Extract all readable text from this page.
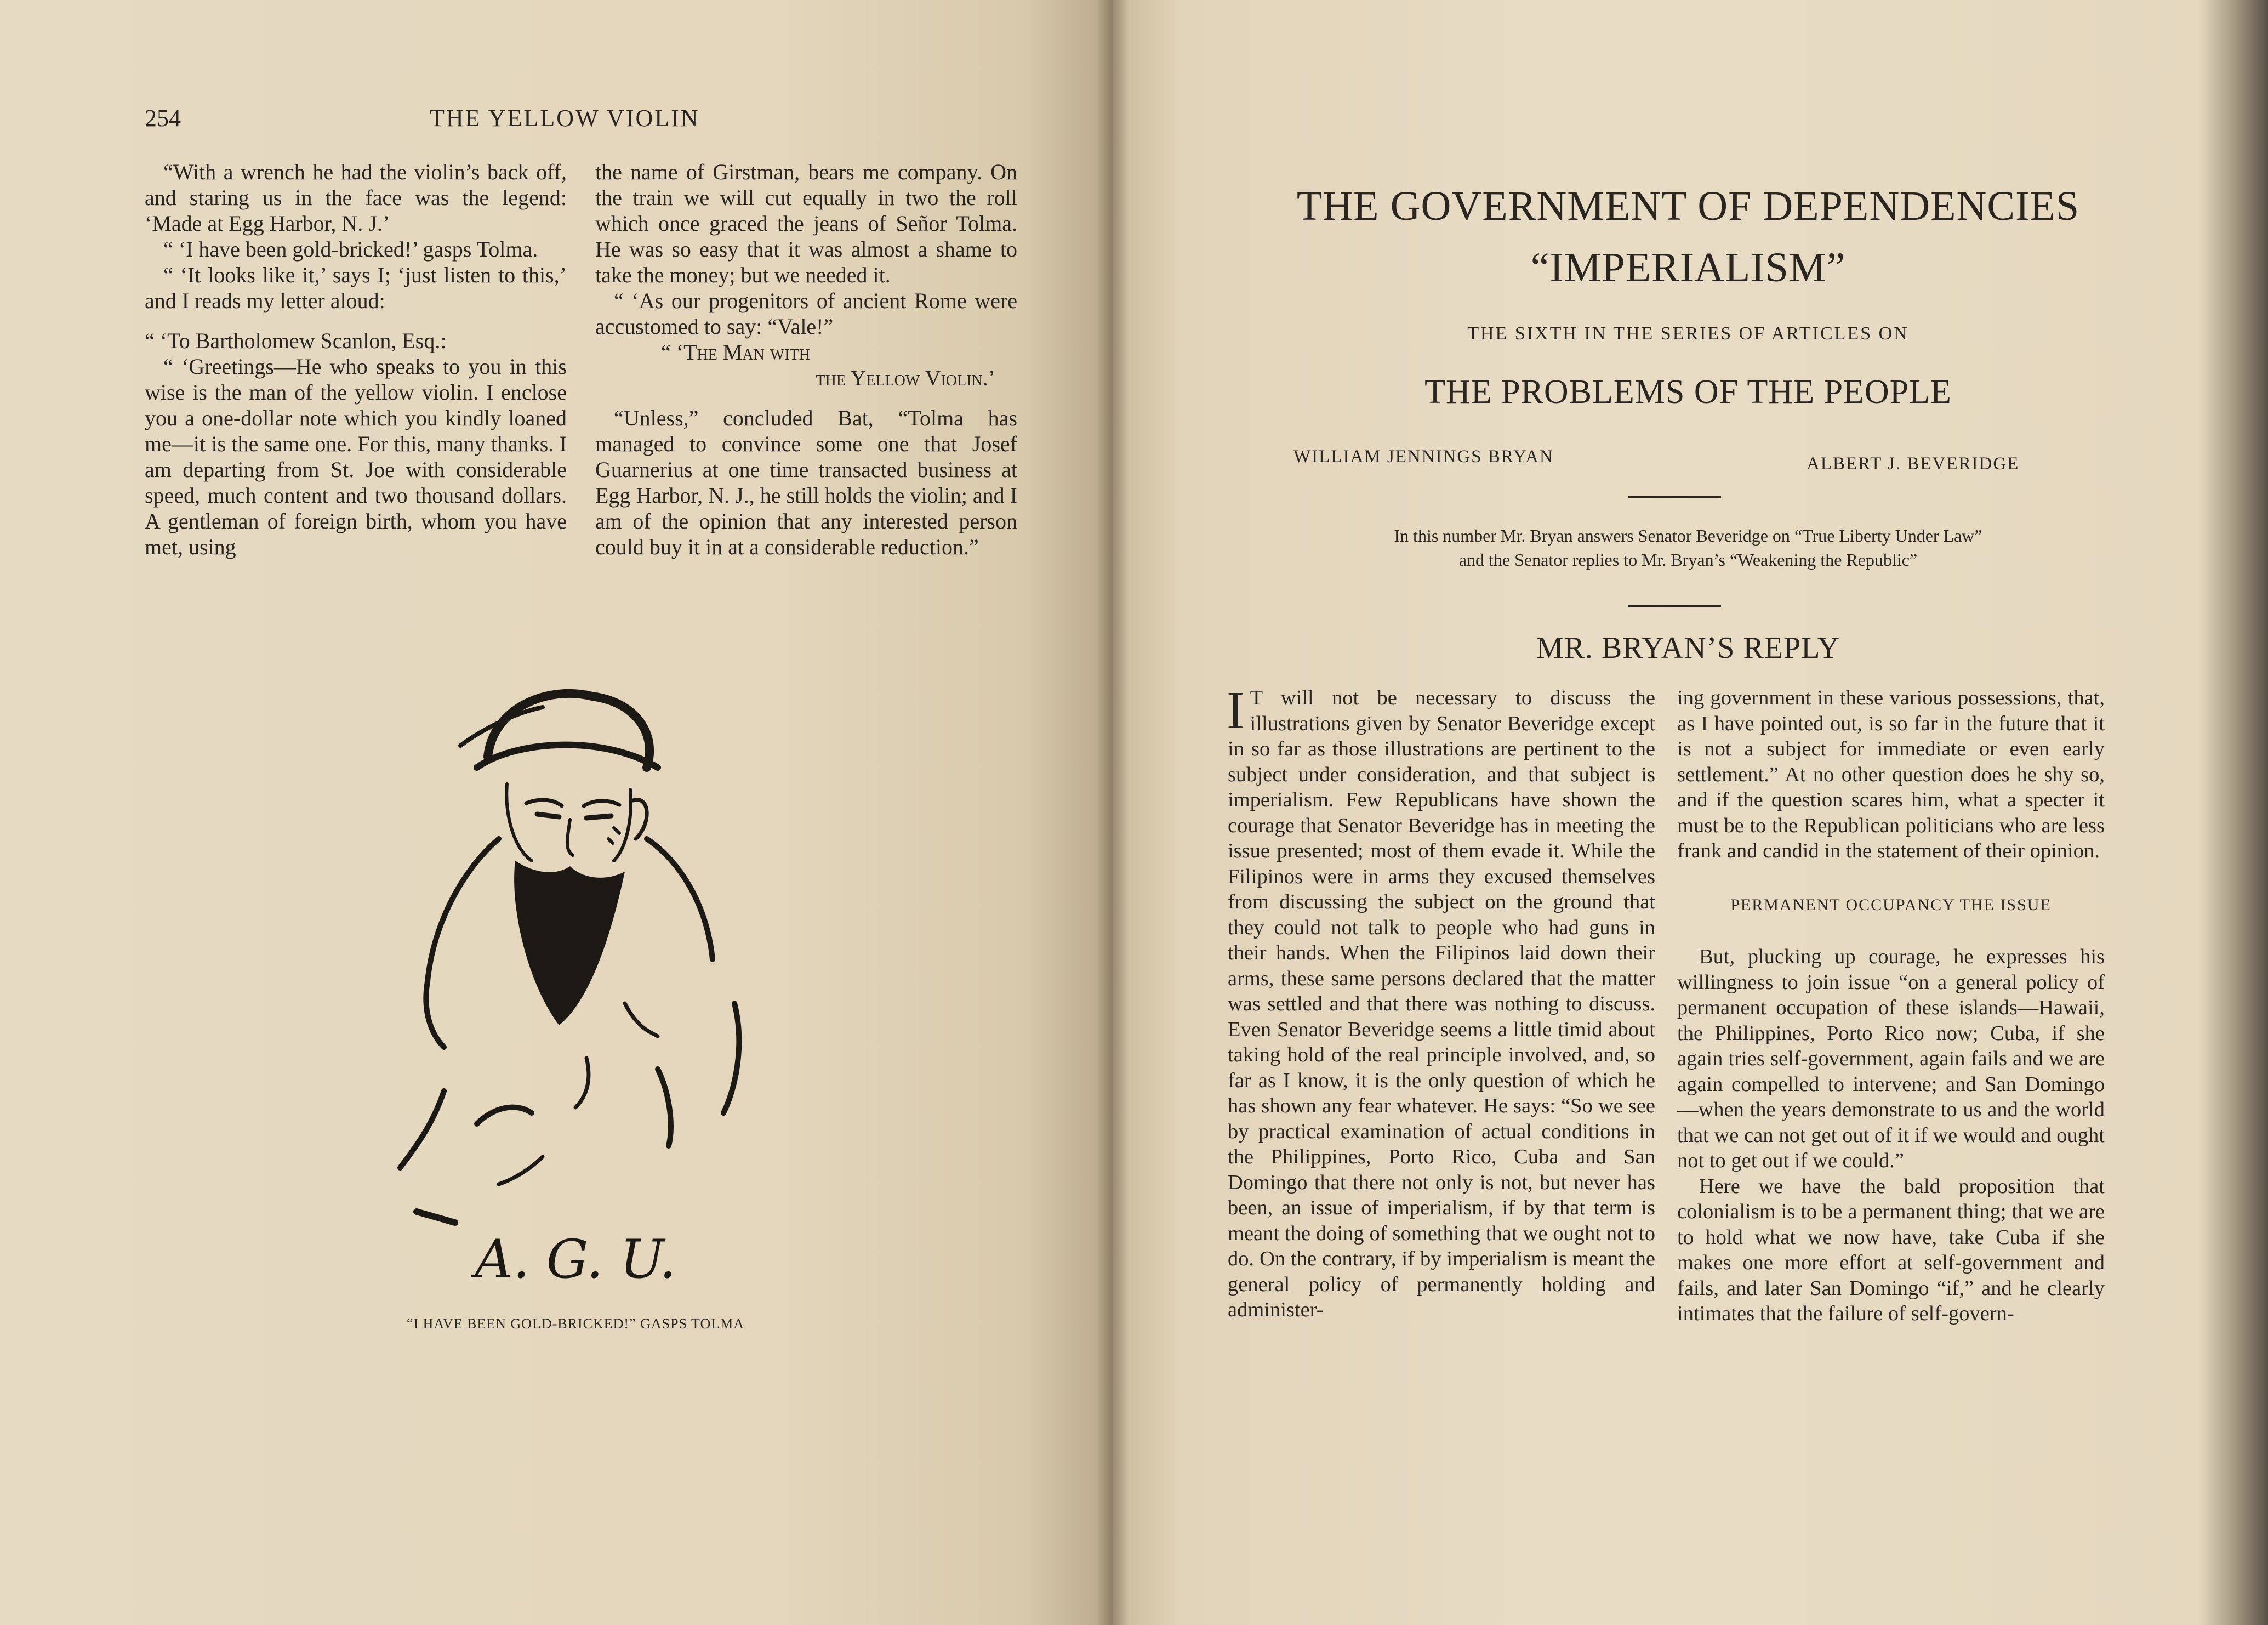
254	THE YELLOW VIOLIN

“With a wrench he had the violin’s back off, and staring us in the face was the legend: ‘Made at Egg Harbor, N. J.’

“ ‘I have been gold-bricked!’ gasps Tolma.

“ ‘It looks like it,’ says I; ‘just listen to this,’ and I reads my letter aloud:

“ ‘To Bartholomew Scanlon, Esq.:

“ ‘Greetings—He who speaks to you in this wise is the man of the yellow violin. I enclose you a one-dollar note which you kindly loaned me—it is the same one. For this, many thanks. I am departing from St. Joe with considerable speed, much content and two thousand dollars. A gentleman of foreign birth, whom you have met, using

the name of Girstman, bears me company. On the train we will cut equally in two the roll which once graced the jeans of Señor Tolma. He was so easy that it was almost a shame to take the money; but we needed it.

“ ‘As our progenitors of ancient Rome were accustomed to say: “Vale!”

“ ‘The Man with

the Yellow Violin.’

“Unless,” concluded Bat, “Tolma has managed to convince some one that Josef Guarnerius at one time transacted business at Egg Harbor, N. J., he still holds the violin; and I am of the opinion that any interested person could buy it in at a considerable reduction.”

A. G. U.
“I HAVE BEEN GOLD-BRICKED!” GASPS TOLMA
THE GOVERNMENT OF DEPENDENCIES
“IMPERIALISM”
THE SIXTH IN THE SERIES OF ARTICLES ON
THE PROBLEMS OF THE PEOPLE
WILLIAM JENNINGS BRYAN	ALBERT J. BEVERIDGE
In this number Mr. Bryan answers Senator Beveridge on “True Liberty Under Law”
and the Senator replies to Mr. Bryan’s “Weakening the Republic”
MR. BRYAN’S REPLY

I T will not be necessary to discuss the illustrations given by Senator Beveridge except in so far as those illustrations are pertinent to the subject under consideration, and that subject is imperialism. Few Republicans have shown the courage that Senator Beveridge has in meeting the issue presented; most of them evade it. While the Filipinos were in arms they excused themselves from discussing the subject on the ground that they could not talk to people who had guns in their hands. When the Filipinos laid down their arms, these same persons declared that the matter was settled and that there was nothing to discuss. Even Senator Beveridge seems a little timid about taking hold of the real principle involved, and, so far as I know, it is the only question of which he has shown any fear whatever. He says: “So we see by practical examination of actual conditions in the Philippines, Porto Rico, Cuba and San Domingo that there not only is not, but never has been, an issue of imperialism, if by that term is meant the doing of something that we ought not to do. On the contrary, if by imperialism is meant the general policy of permanently holding and administer-

ing government in these various possessions, that, as I have pointed out, is so far in the future that it is not a subject for immediate or even early settlement.” At no other question does he shy so, and if the question scares him, what a specter it must be to the Republican politicians who are less frank and candid in the statement of their opinion.

PERMANENT OCCUPANCY THE ISSUE

But, plucking up courage, he expresses his willingness to join issue “on a general policy of permanent occupation of these islands—Hawaii, the Philippines, Porto Rico now; Cuba, if she again tries self-government, again fails and we are again compelled to intervene; and San Domingo—when the years demonstrate to us and the world that we can not get out of it if we would and ought not to get out if we could.”

Here we have the bald proposition that colonialism is to be a permanent thing; that we are to hold what we now have, take Cuba if she makes one more effort at self-government and fails, and later San Domingo “if,” and he clearly intimates that the failure of self-govern-
